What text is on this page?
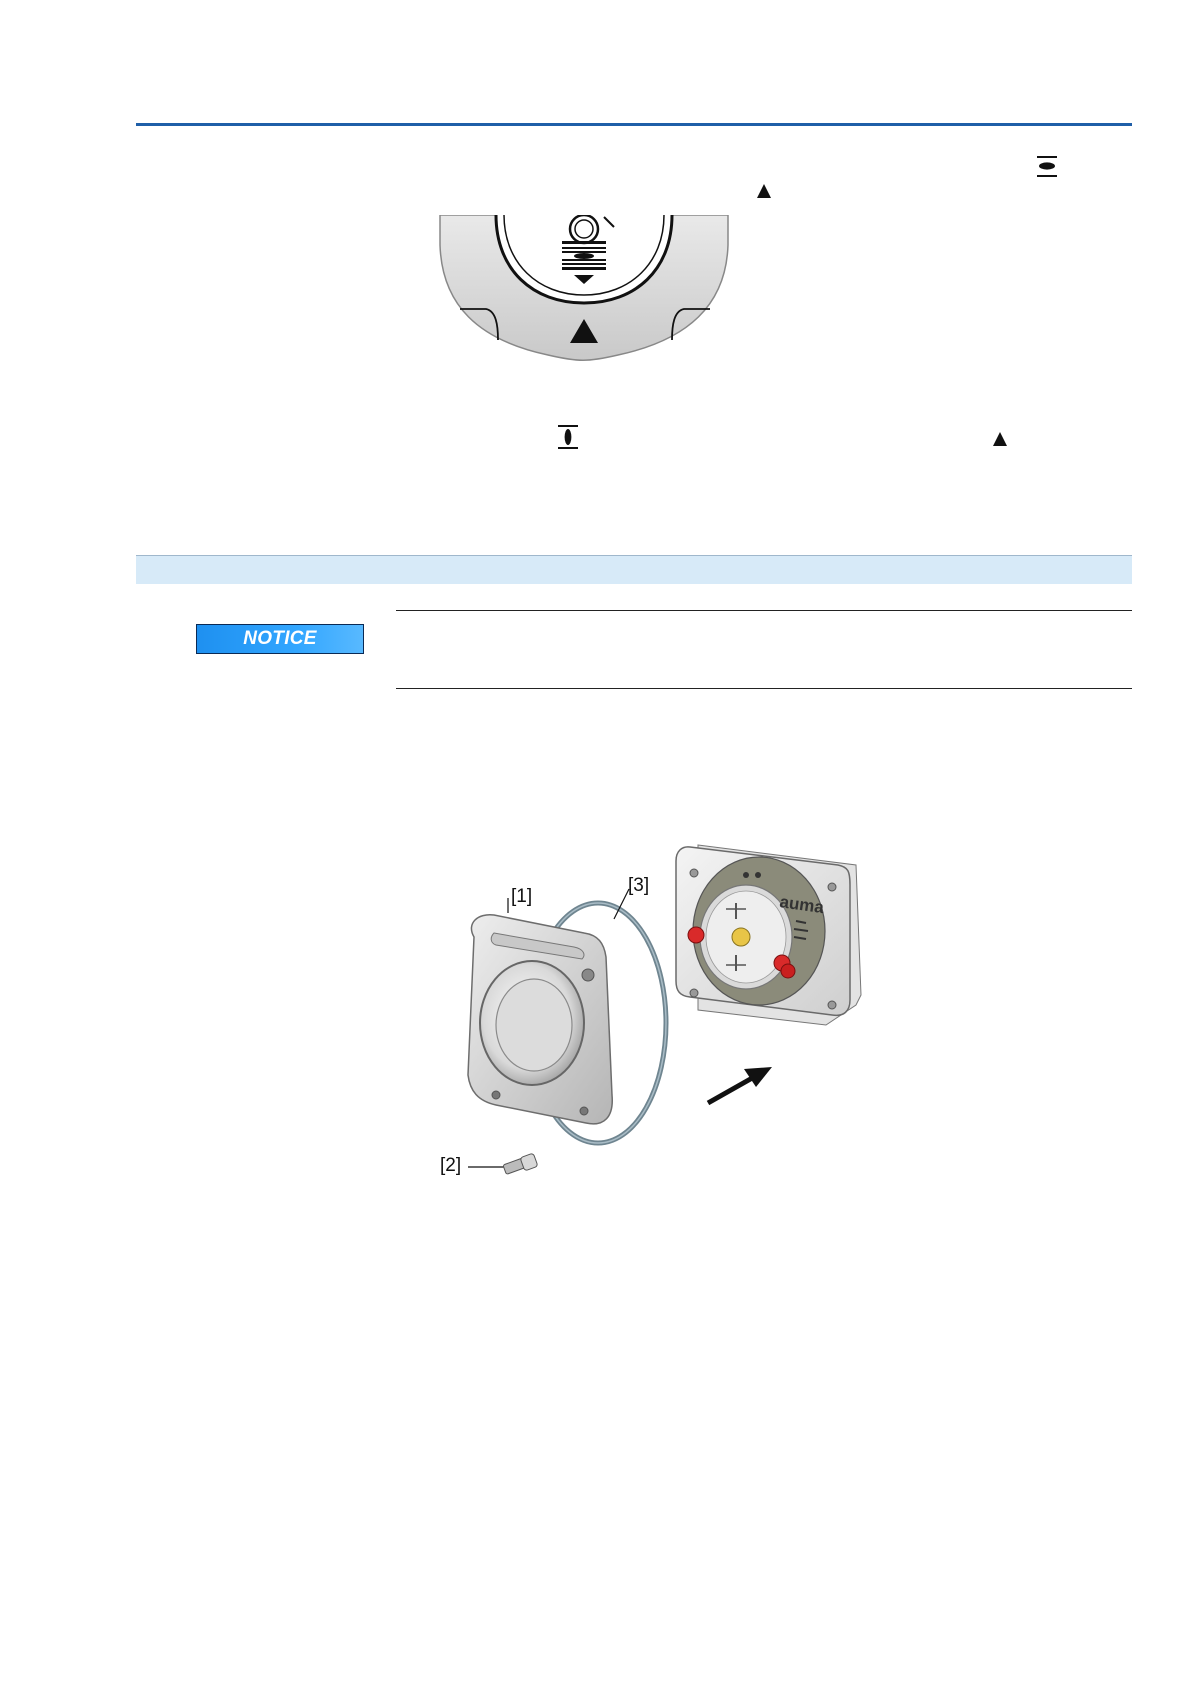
NOTICE
auma
[1]
[3]
[2]
